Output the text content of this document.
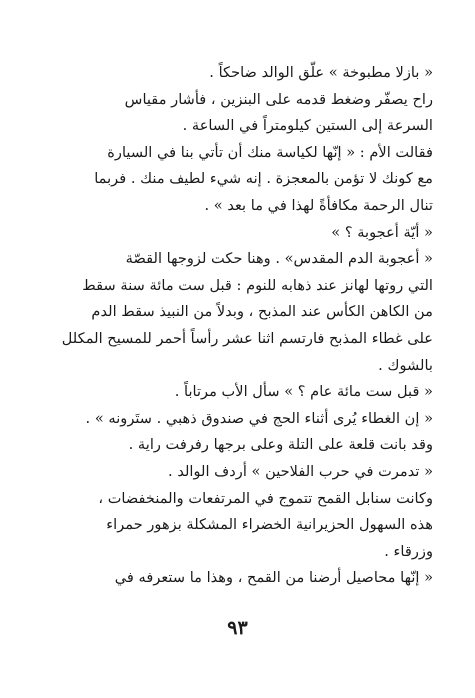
« بازلا مطبوخة » علّق الوالد ضاحكاً .
راح يصفّر وضغط قدمه على البنزين ، فأشار مقياس
السرعة إلى الستين كيلومتراً في الساعة .
فقالت الأم : « إنّها لكياسة منك أن تأتي بنا في السيارة
مع كونك لا تؤمن بالمعجزة . إنه شيء لطيف منك . فربما
تنال الرحمة مكافأةً لهذا في ما بعد » .
« أيّة أعجوبة ؟ »
« أعجوبة الدم المقدس» . وهنا حكت لزوجها القصّة
التي روتها لهانز عند ذهابه للنوم : قبل ست مائة سنة سقط
من الكاهن الكأس عند المذبح ، وبدلاً من النبيذ سقط الدم
على غطاء المذبح فارتسم اثنا عشر رأساً أحمر للمسيح المكلل
بالشوك .
« قبل ست مائة عام ؟ » سأل الأب مرتاباً .
« إن الغطاء يُرى أثناء الحج في صندوق ذهبي . ستَرونه » .
وقد بانت قلعة على التلة وعلى برجها رفرفت راية .
« تدمرت في حرب الفلاحين » أردف الوالد .
وكانت سنابل القمح تتموج في المرتفعات والمنخفضات ،
هذه السهول الحزيرانية الخضراء المشكلة بزهور حمراء
وزرقاء .
« إنّها محاصيل أرضنا من القمح ، وهذا ما ستعرفه في
٩٣
